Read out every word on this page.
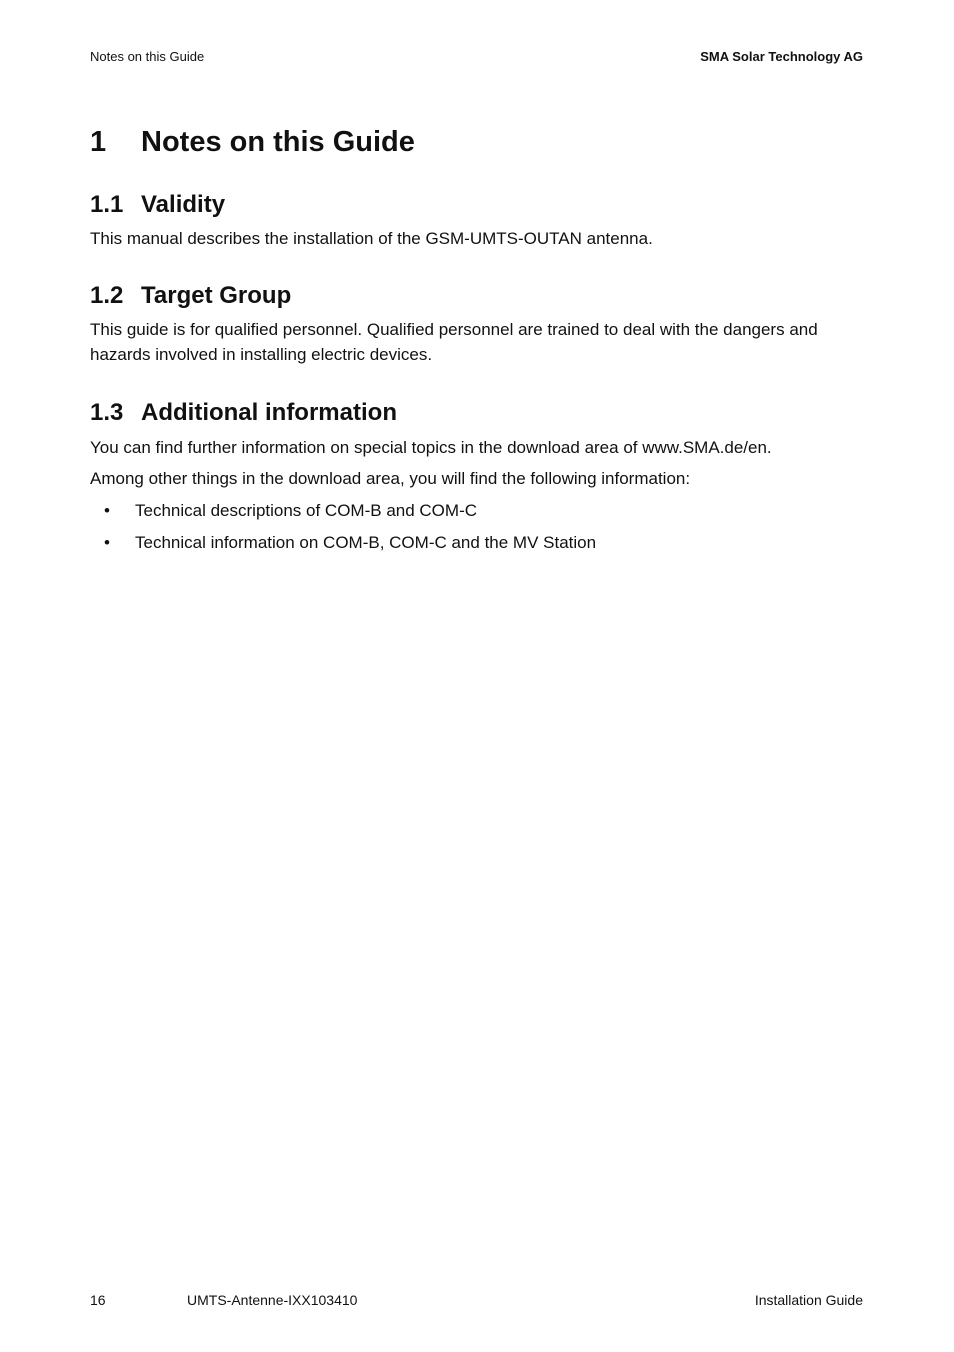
Notes on this Guide	SMA Solar Technology AG
1	Notes on this Guide
1.1 Validity

This manual describes the installation of the GSM-UMTS-OUTAN antenna.

1.2 Target Group

This guide is for qualified personnel. Qualified personnel are trained to deal with the dangers and hazards involved in installing electric devices.

1.3 Additional information

You can find further information on special topics in the download area of www.SMA.de/en.

Among other things in the download area, you will find the following information:

• Technical descriptions of COM-B and COM-C
• Technical information on COM-B, COM-C and the MV Station
16	UMTS-Antenne-IXX103410	Installation Guide
